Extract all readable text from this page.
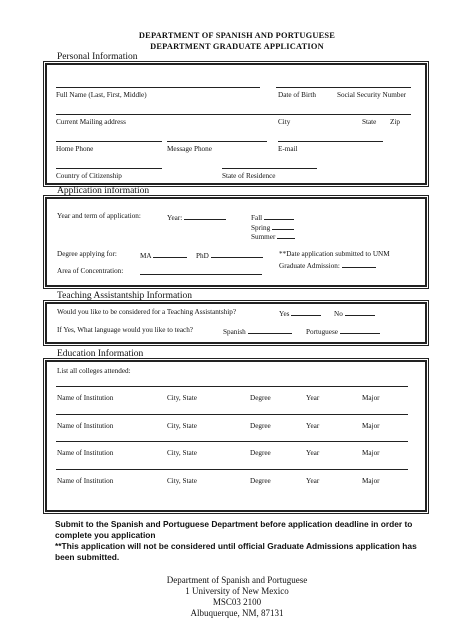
DEPARTMENT OF SPANISH AND PORTUGUESE
DEPARTMENT GRADUATE APPLICATION
Personal Information
Full Name (Last, First, Middle)	Date of Birth	Social Security Number
Current Mailing address	City	State Zip
Home Phone	Message Phone	E-mail
Country of Citizenship	State of Residence
Application information
Year and term of application:	Year:	Fall
Spring
Summer
Degree applying for:	MA	PhD	**Date application submitted to UNM
Graduate Admission:
Area of Concentration:
Teaching Assistantship Information
Would you like to be considered for a Teaching Assistantship?	Yes	No
If Yes, What language would you like to teach?	Spanish	Portuguese
Education Information
List all colleges attended:
Name of Institution	City, State	Degree	Year	Major
Name of Institution	City, State	Degree	Year	Major
Name of Institution	City, State	Degree	Year	Major
Name of Institution	City, State	Degree	Year	Major
Submit to the Spanish and Portuguese Department before application deadline in order to complete you application
**This application will not be considered until official Graduate Admissions application has been submitted.
Department of Spanish and Portuguese
1 University of New Mexico
MSC03 2100
Albuquerque, NM, 87131
